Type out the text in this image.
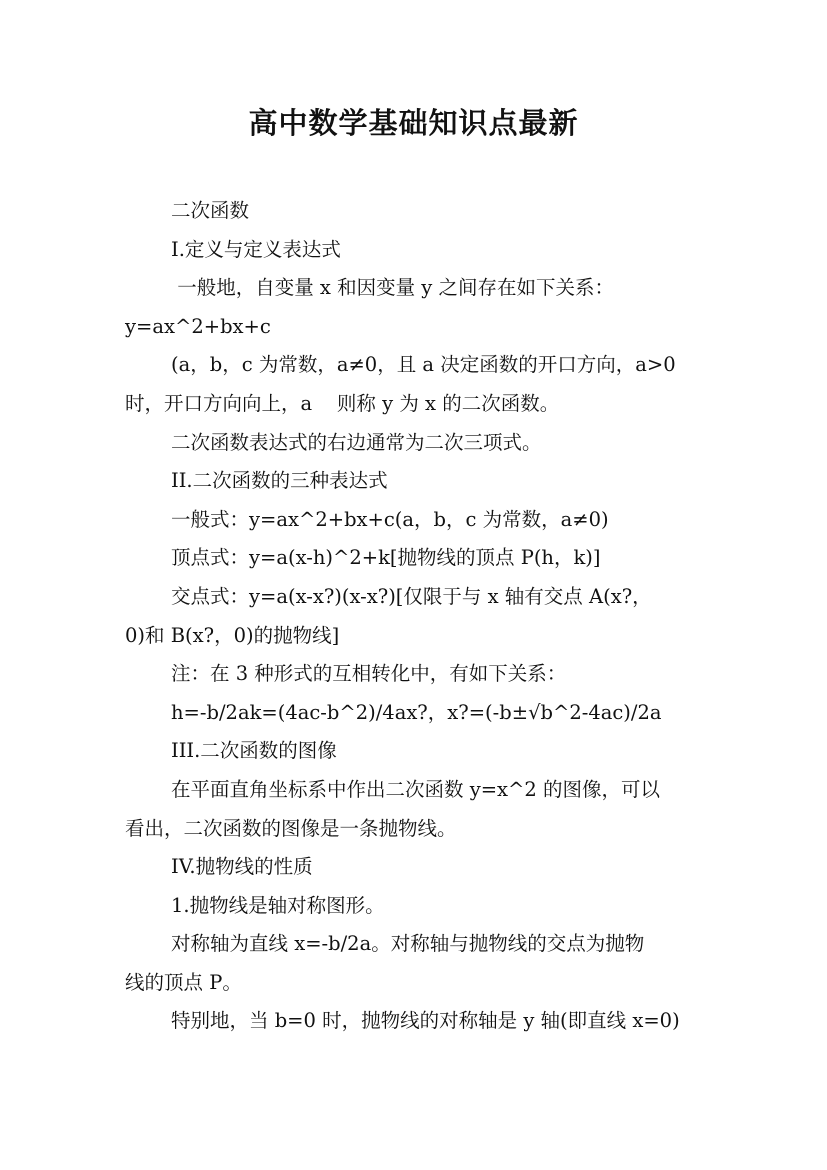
高中数学基础知识点最新
二次函数
I.定义与定义表达式
一般地，自变量 x 和因变量 y 之间存在如下关系：
y=ax^2+bx+c
(a，b，c 为常数，a≠0，且 a 决定函数的开口方向，a>0
时，开口方向向上，a    则称 y 为 x 的二次函数。
二次函数表达式的右边通常为二次三项式。
II.二次函数的三种表达式
一般式：y=ax^2+bx+c(a，b，c 为常数，a≠0)
顶点式：y=a(x-h)^2+k[抛物线的顶点 P(h，k)]
交点式：y=a(x-x?)(x-x?)[仅限于与 x 轴有交点 A(x?，
0)和 B(x?，0)的抛物线]
注：在 3 种形式的互相转化中，有如下关系：
h=-b/2ak=(4ac-b^2)/4ax?，x?=(-b±√b^2-4ac)/2a
III.二次函数的图像
在平面直角坐标系中作出二次函数 y=x^2 的图像，可以
看出，二次函数的图像是一条抛物线。
IV.抛物线的性质
1.抛物线是轴对称图形。
对称轴为直线 x=-b/2a。对称轴与抛物线的交点为抛物
线的顶点 P。
特别地，当 b=0 时，抛物线的对称轴是 y 轴(即直线 x=0)
